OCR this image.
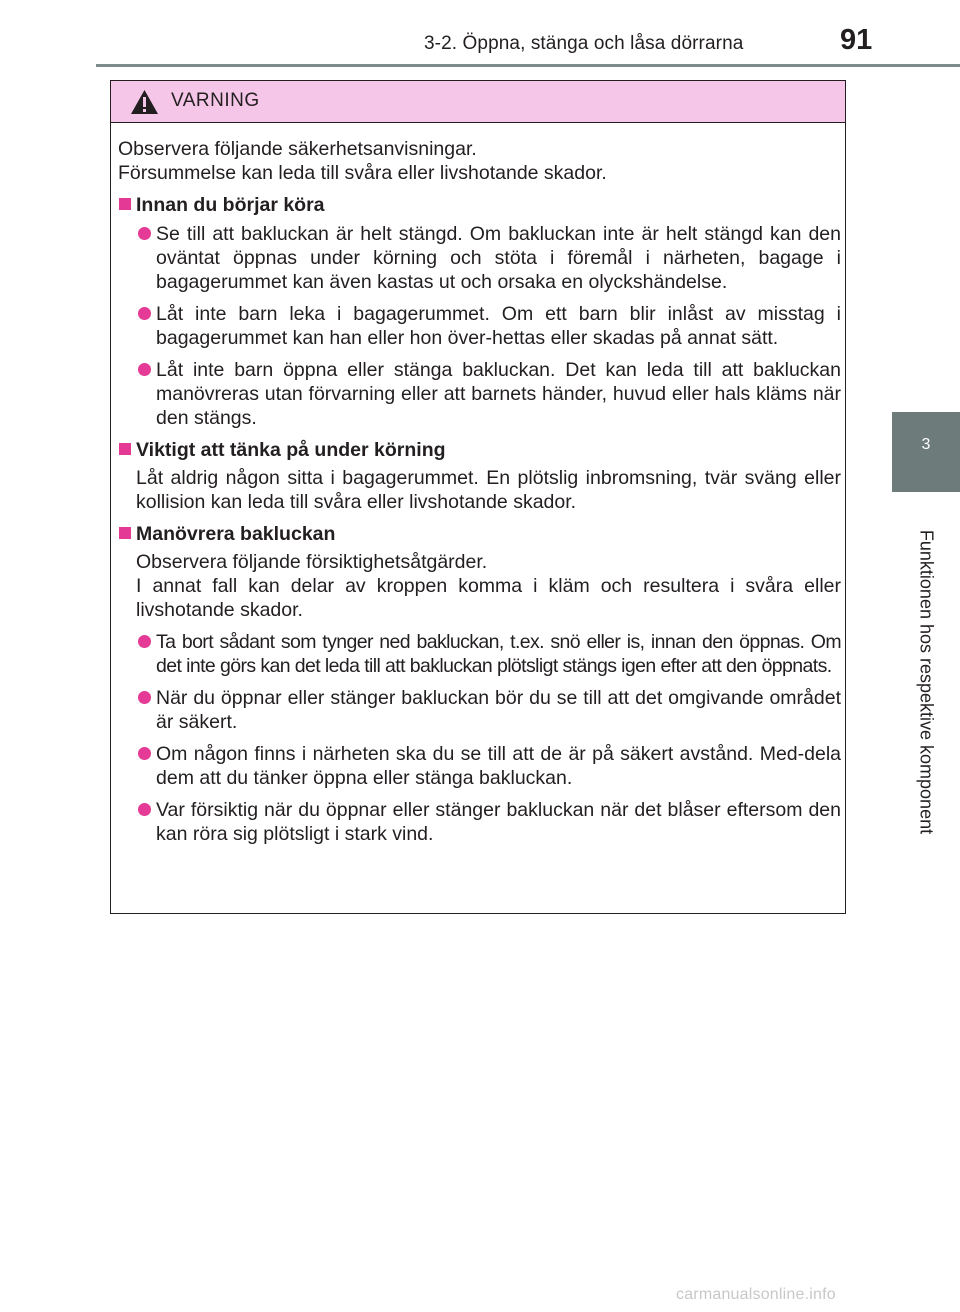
3-2. Öppna, stänga och låsa dörrarna	91
3
Funktionen hos respektive komponent
VARNING
Observera följande säkerhetsanvisningar.
Försummelse kan leda till svåra eller livshotande skador.
Innan du börjar köra
Se till att bakluckan är helt stängd. Om bakluckan inte är helt stängd kan den oväntat öppnas under körning och stöta i föremål i närheten, bagage i bagagerummet kan även kastas ut och orsaka en olyckshändelse.
Låt inte barn leka i bagagerummet. Om ett barn blir inlåst av misstag i bagagerummet kan han eller hon över-hettas eller skadas på annat sätt.
Låt inte barn öppna eller stänga bakluckan. Det kan leda till att bakluckan manövreras utan förvarning eller att barnets händer, huvud eller hals kläms när den stängs.
Viktigt att tänka på under körning
Låt aldrig någon sitta i bagagerummet. En plötslig inbromsning, tvär sväng eller kollision kan leda till svåra eller livshotande skador.
Manövrera bakluckan
Observera följande försiktighetsåtgärder.
I annat fall kan delar av kroppen komma i kläm och resultera i svåra eller livshotande skador.
Ta bort sådant som tynger ned bakluckan, t.ex. snö eller is, innan den öppnas. Om det inte görs kan det leda till att bakluckan plötsligt stängs igen efter att den öppnats.
När du öppnar eller stänger bakluckan bör du se till att det omgivande området är säkert.
Om någon finns i närheten ska du se till att de är på säkert avstånd. Med-dela dem att du tänker öppna eller stänga bakluckan.
Var försiktig när du öppnar eller stänger bakluckan när det blåser eftersom den kan röra sig plötsligt i stark vind.
carmanualsonline.info
